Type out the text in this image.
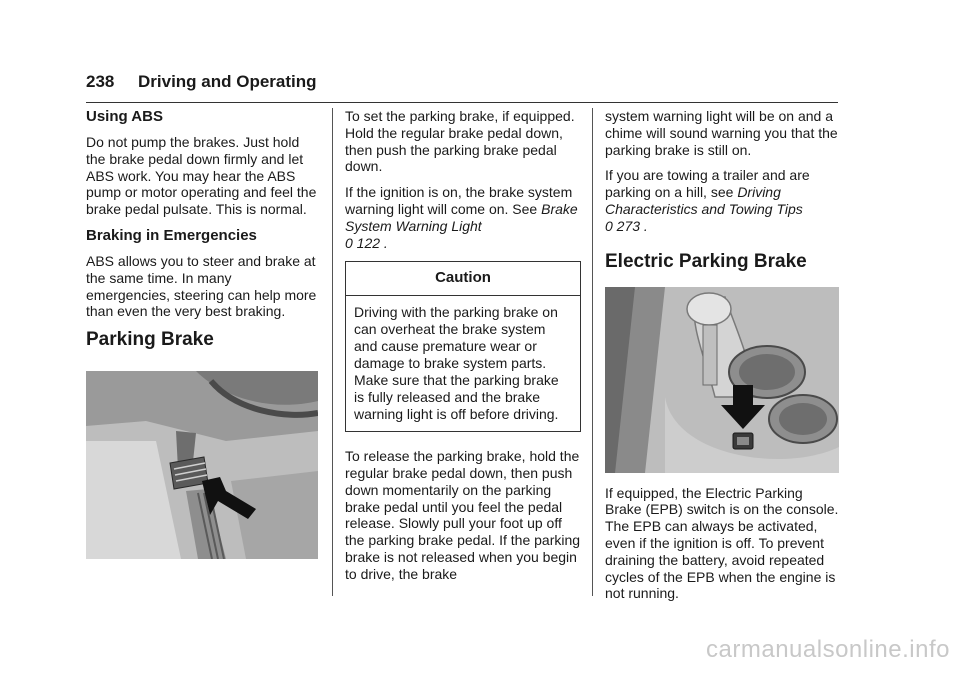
238 Driving and Operating
Using ABS

Do not pump the brakes. Just hold the brake pedal down firmly and let ABS work. You may hear the ABS pump or motor operating and feel the brake pedal pulsate. This is normal.

Braking in Emergencies

ABS allows you to steer and brake at the same time. In many emergencies, steering can help more than even the very best braking.

Parking Brake

To set the parking brake, if equipped. Hold the regular brake pedal down, then push the parking brake pedal down.

If the ignition is on, the brake system warning light will come on. See Brake System Warning Light
0 122 .

Caution
Driving with the parking brake on can overheat the brake system and cause premature wear or damage to brake system parts. Make sure that the parking brake is fully released and the brake warning light is off before driving.

To release the parking brake, hold the regular brake pedal down, then push down momentarily on the parking brake pedal until you feel the pedal release. Slowly pull your foot up off the parking brake pedal. If the parking brake is not released when you begin to drive, the brake

system warning light will be on and a chime will sound warning you that the parking brake is still on.

If you are towing a trailer and are parking on a hill, see Driving Characteristics and Towing Tips
0 273 .

Electric Parking Brake

If equipped, the Electric Parking Brake (EPB) switch is on the console. The EPB can always be activated, even if the ignition is off. To prevent draining the battery, avoid repeated cycles of the EPB when the engine is not running.

carmanualsonline.info
